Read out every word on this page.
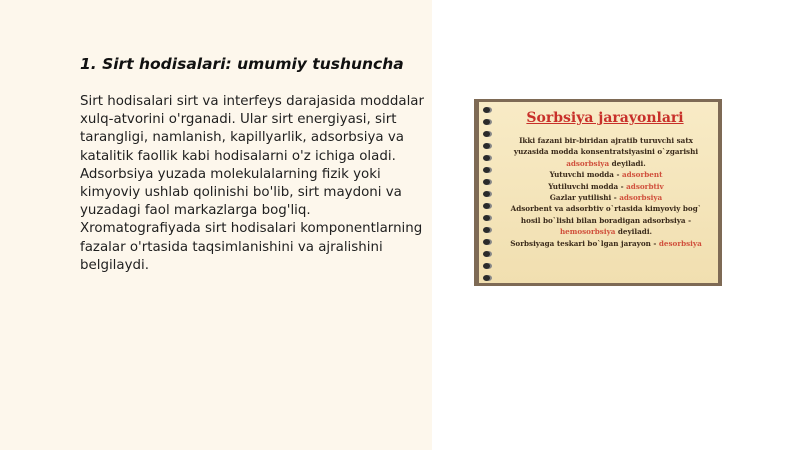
1. Sirt hodisalari: umumiy tushuncha

Sirt hodisalari sirt va interfeys darajasida moddalar xulq-atvorini o'rganadi. Ular sirt energiyasi, sirt tarangligi, namlanish, kapillyarlik, adsorbsiya va katalitik faollik kabi hodisalarni o'z ichiga oladi. Adsorbsiya yuzada molekulalarning fizik yoki kimyoviy ushlab qolinishi bo'lib, sirt maydoni va yuzadagi faol markazlarga bog'liq. Xromatografiyada sirt hodisalari komponentlarning fazalar o'rtasida taqsimlanishini va ajralishini belgilaydi.

Sorbsiya jarayonlari
Ikki fazani bir-biridan ajratib turuvchi satx
yuzasida modda konsentratsiyasini o`zgarishi
adsorbsiya deyiladi.
Yutuvchi modda - adsorbent
Yutiluvchi modda - adsorbtiv
Gazlar yutilishi - adsorbsiya
Adsorbent va adsorbtiv o`rtasida kimyoviy bog`
hosil bo`lishi bilan boradigan adsorbsiya -
hemosorbsiya deyiladi.
Sorbsiyaga teskari bo`lgan jarayon - desorbsiya
